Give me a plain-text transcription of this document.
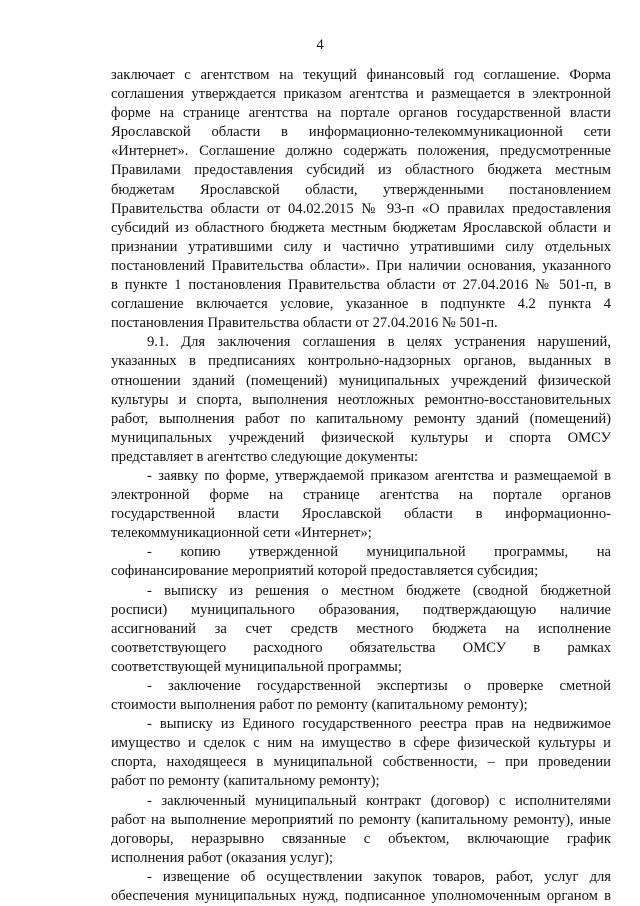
4
заключает с агентством на текущий финансовый год соглашение. Форма
соглашения утверждается приказом агентства и размещается в электронной
форме на странице агентства на портале органов государственной власти
Ярославской области в информационно-телекоммуникационной сети
«Интернет». Соглашение должно содержать положения, предусмотренные
Правилами предоставления субсидий из областного бюджета местным
бюджетам Ярославской области, утвержденными постановлением
Правительства области от 04.02.2015 № 93-п «О правилах предоставления
субсидий из областного бюджета местным бюджетам Ярославской области и
признании утратившими силу и частично утратившими силу отдельных
постановлений Правительства области». При наличии основания, указанного
в пункте 1 постановления Правительства области от 27.04.2016 № 501-п, в
соглашение включается условие, указанное в подпункте 4.2 пункта 4
постановления Правительства области от 27.04.2016 № 501-п.
9.1. Для заключения соглашения в целях устранения нарушений,
указанных в предписаниях контрольно-надзорных органов, выданных в
отношении зданий (помещений) муниципальных учреждений физической
культуры и спорта, выполнения неотложных ремонтно-восстановительных
работ, выполнения работ по капитальному ремонту зданий (помещений)
муниципальных учреждений физической культуры и спорта ОМСУ
представляет в агентство следующие документы:
- заявку по форме, утверждаемой приказом агентства и размещаемой в
электронной форме на странице агентства на портале органов
государственной власти Ярославской области в информационно-
телекоммуникационной сети «Интернет»;
- копию утвержденной муниципальной программы, на
софинансирование мероприятий которой предоставляется субсидия;
- выписку из решения о местном бюджете (сводной бюджетной
росписи) муниципального образования, подтверждающую наличие
ассигнований за счет средств местного бюджета на исполнение
соответствующего расходного обязательства ОМСУ в рамках
соответствующей муниципальной программы;
- заключение государственной экспертизы о проверке сметной
стоимости выполнения работ по ремонту (капитальному ремонту);
- выписку из Единого государственного реестра прав на недвижимое
имущество и сделок с ним на имущество в сфере физической культуры и
спорта, находящееся в муниципальной собственности, – при проведении
работ по ремонту (капитальному ремонту);
- заключенный муниципальный контракт (договор) с исполнителями
работ на выполнение мероприятий по ремонту (капитальному ремонту), иные
договоры, неразрывно связанные с объектом, включающие график
исполнения работ (оказания услуг);
- извещение об осуществлении закупок товаров, работ, услуг для
обеспечения муниципальных нужд, подписанное уполномоченным органом в
